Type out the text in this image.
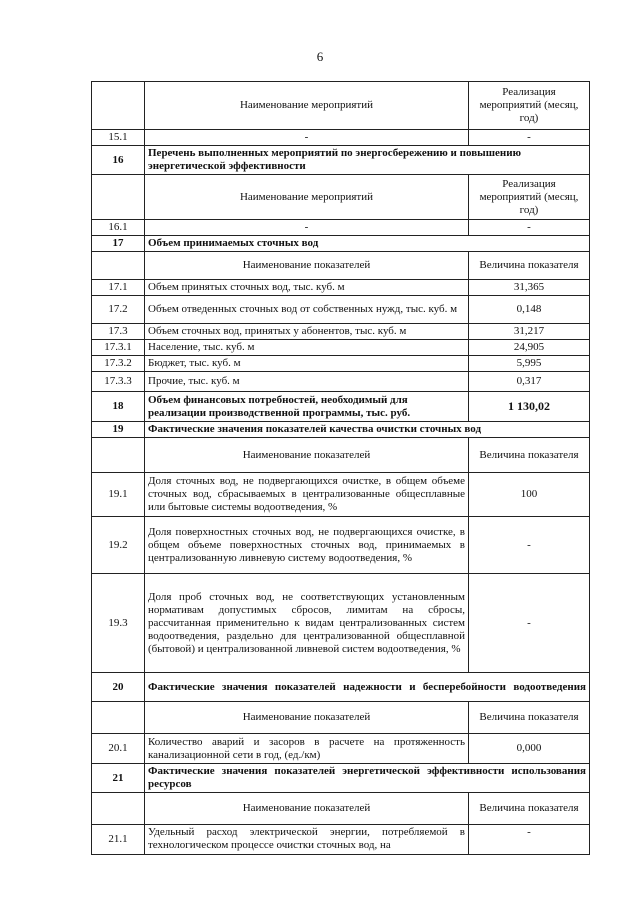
6
	Наименование мероприятий	Реализация мероприятий (месяц, год)
15.1	-	-
16	Перечень выполненных мероприятий по энергосбережению и повышению энергетической эффективности	
	Наименование мероприятий	Реализация мероприятий (месяц, год)
16.1	-	-
17	Объем принимаемых сточных вод	
	Наименование показателей	Величина показателя
17.1	Объем принятых сточных вод, тыс. куб. м	31,365
17.2	Объем отведенных сточных вод от собственных нужд, тыс. куб. м	0,148
17.3	Объем сточных вод, принятых у абонентов, тыс. куб. м	31,217
17.3.1	Население, тыс. куб. м	24,905
17.3.2	Бюджет, тыс. куб. м	5,995
17.3.3	Прочие, тыс. куб. м	0,317
18	Объем финансовых потребностей, необходимый для реализации производственной программы, тыс. руб.	1 130,02
19	Фактические значения показателей качества очистки сточных вод	
	Наименование показателей	Величина показателя
19.1	Доля сточных вод, не подвергающихся очистке, в общем объеме сточных вод, сбрасываемых в централизованные общесплавные или бытовые системы водоотведения, %	100
19.2	Доля поверхностных сточных вод, не подвергающихся очистке, в общем объеме поверхностных сточных вод, принимаемых в централизованную ливневую систему водоотведения, %	-
19.3	Доля проб сточных вод, не соответствующих установленным нормативам допустимых сбросов, лимитам на сбросы, рассчитанная применительно к видам централизованных систем водоотведения, раздельно для централизованной общесплавной (бытовой) и централизованной ливневой систем водоотведения, %	-
20	Фактические значения показателей надежности и бесперебойности водоотведения	
	Наименование показателей	Величина показателя
20.1	Количество аварий и засоров в расчете на протяженность канализационной сети в год, (ед./км)	0,000
21	Фактические значения показателей энергетической эффективности использования ресурсов	
	Наименование показателей	Величина показателя
21.1	Удельный расход электрической энергии, потребляемой в технологическом процессе очистки сточных вод, на	-
